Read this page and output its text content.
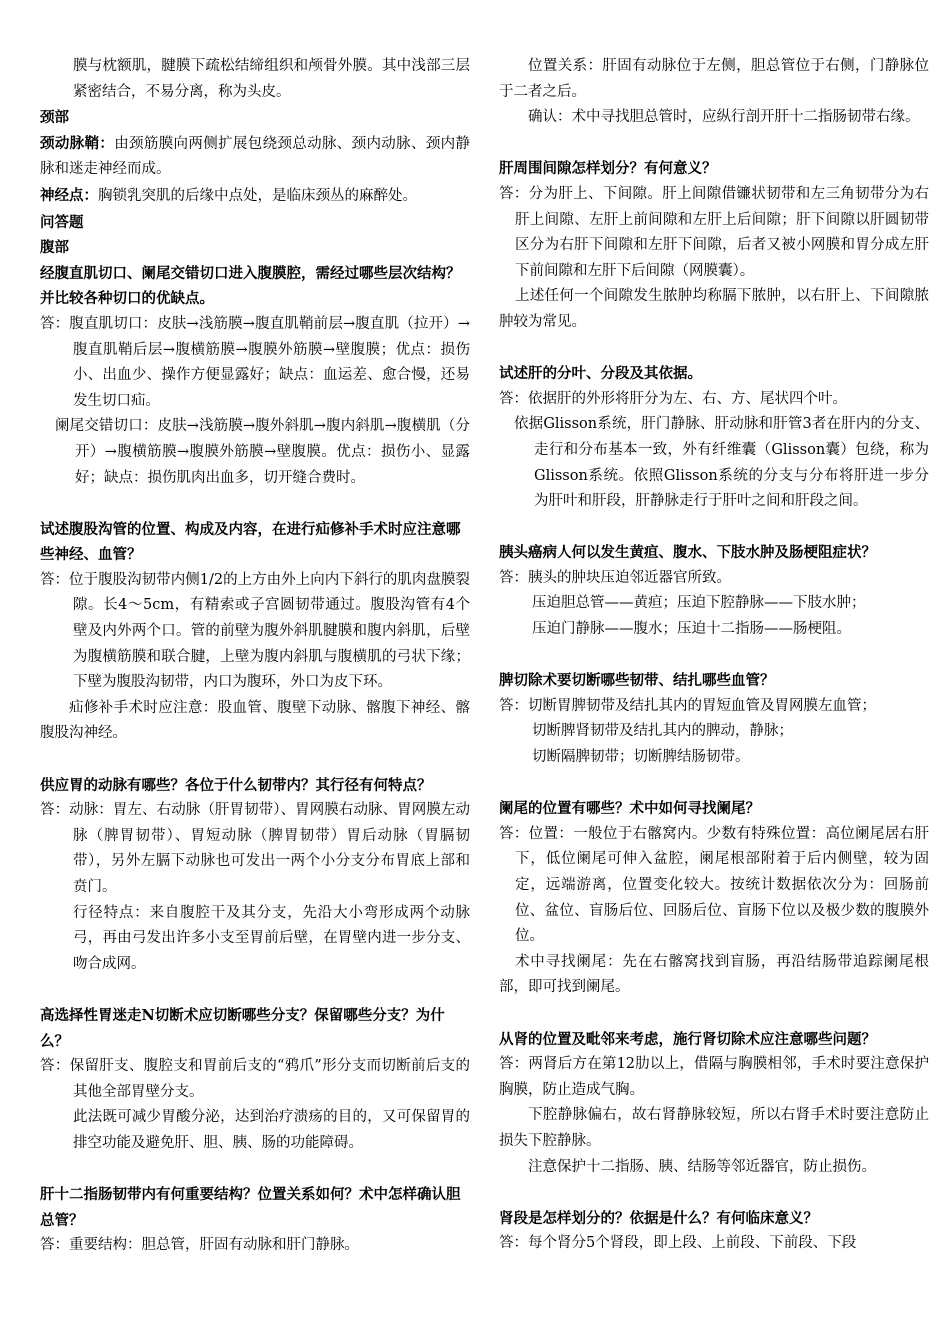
膜与枕额肌，腱膜下疏松结缔组织和颅骨外膜。其中浅部三层紧密结合，不易分离，称为头皮。

颈部

颈动脉鞘：由颈筋膜向两侧扩展包绕颈总动脉、颈内动脉、颈内静脉和迷走神经而成。

神经点：胸锁乳突肌的后缘中点处，是临床颈丛的麻醉处。

问答题

腹部

经腹直肌切口、阑尾交错切口进入腹膜腔，需经过哪些层次结构？并比较各种切口的优缺点。

答：腹直肌切口：皮肤→浅筋膜→腹直肌鞘前层→腹直肌（拉开）→腹直肌鞘后层→腹横筋膜→腹膜外筋膜→壁腹膜；优点：损伤小、出血少、操作方便显露好；缺点：血运差、愈合慢，还易发生切口疝。

阑尾交错切口：皮肤→浅筋膜→腹外斜肌→腹内斜肌→腹横肌（分开）→腹横筋膜→腹膜外筋膜→壁腹膜。优点：损伤小、显露好；缺点：损伤肌肉出血多，切开缝合费时。

试述腹股沟管的位置、构成及内容，在进行疝修补手术时应注意哪些神经、血管？

答：位于腹股沟韧带内侧1/2的上方由外上向内下斜行的肌肉盘膜裂隙。长4～5cm，有精索或子宫圆韧带通过。腹股沟管有4个壁及内外两个口。管的前壁为腹外斜肌腱膜和腹内斜肌，后壁为腹横筋膜和联合腱，上壁为腹内斜肌与腹横肌的弓状下缘；下壁为腹股沟韧带，内口为腹环，外口为皮下环。

疝修补手术时应注意：股血管、腹壁下动脉、髂腹下神经、髂腹股沟神经。

供应胃的动脉有哪些？各位于什么韧带内？其行径有何特点？

答：动脉：胃左、右动脉（肝胃韧带）、胃网膜右动脉、胃网膜左动脉（脾胃韧带）、胃短动脉（脾胃韧带）胃后动脉（胃膈韧带），另外左膈下动脉也可发出一两个小分支分布胃底上部和贲门。

行径特点：来自腹腔干及其分支，先沿大小弯形成两个动脉弓，再由弓发出许多小支至胃前后壁，在胃壁内进一步分支、吻合成网。

高选择性胃迷走N切断术应切断哪些分支？保留哪些分支？为什么？

答：保留肝支、腹腔支和胃前后支的“鸦爪”形分支而切断前后支的其他全部胃壁分支。

此法既可减少胃酸分泌，达到治疗溃疡的目的，又可保留胃的排空功能及避免肝、胆、胰、肠的功能障碍。

肝十二指肠韧带内有何重要结构？位置关系如何？术中怎样确认胆总管？

答：重要结构：胆总管，肝固有动脉和肝门静脉。

位置关系：肝固有动脉位于左侧，胆总管位于右侧，门静脉位于二者之后。

确认：术中寻找胆总管时，应纵行剖开肝十二指肠韧带右缘。

肝周围间隙怎样划分？有何意义？

答：分为肝上、下间隙。肝上间隙借镰状韧带和左三角韧带分为右肝上间隙、左肝上前间隙和左肝上后间隙；肝下间隙以肝圆韧带区分为右肝下间隙和左肝下间隙，后者又被小网膜和胃分成左肝下前间隙和左肝下后间隙（网膜囊）。

上述任何一个间隙发生脓肿均称膈下脓肿，以右肝上、下间隙脓肿较为常见。

试述肝的分叶、分段及其依据。

答：依据肝的外形将肝分为左、右、方、尾状四个叶。

依据Glisson系统，肝门静脉、肝动脉和肝管3者在肝内的分支、走行和分布基本一致，外有纤维囊（Glisson囊）包绕，称为Glisson系统。依照Glisson系统的分支与分布将肝进一步分为肝叶和肝段，肝静脉走行于肝叶之间和肝段之间。

胰头癌病人何以发生黄疸、腹水、下肢水肿及肠梗阻症状？

答：胰头的肿块压迫邻近器官所致。

压迫胆总管——黄疸；压迫下腔静脉——下肢水肿；

压迫门静脉——腹水；压迫十二指肠——肠梗阻。

脾切除术要切断哪些韧带、结扎哪些血管？

答：切断胃脾韧带及结扎其内的胃短血管及胃网膜左血管；

切断脾肾韧带及结扎其内的脾动，静脉；

切断隔脾韧带；切断脾结肠韧带。

阑尾的位置有哪些？术中如何寻找阑尾？

答：位置：一般位于右髂窝内。少数有特殊位置：高位阑尾居右肝下，低位阑尾可伸入盆腔，阑尾根部附着于后内侧壁，较为固定，远端游离，位置变化较大。按统计数据依次分为：回肠前位、盆位、盲肠后位、回肠后位、盲肠下位以及极少数的腹膜外位。

术中寻找阑尾：先在右髂窝找到盲肠，再沿结肠带追踪阑尾根部，即可找到阑尾。

从肾的位置及毗邻来考虑，施行肾切除术应注意哪些问题？

答：两肾后方在第12肋以上，借隔与胸膜相邻，手术时要注意保护胸膜，防止造成气胸。

下腔静脉偏右，故右肾静脉较短，所以右肾手术时要注意防止损失下腔静脉。

注意保护十二指肠、胰、结肠等邻近器官，防止损伤。

肾段是怎样划分的？依据是什么？有何临床意义？

答：每个肾分5个肾段，即上段、上前段、下前段、下段
